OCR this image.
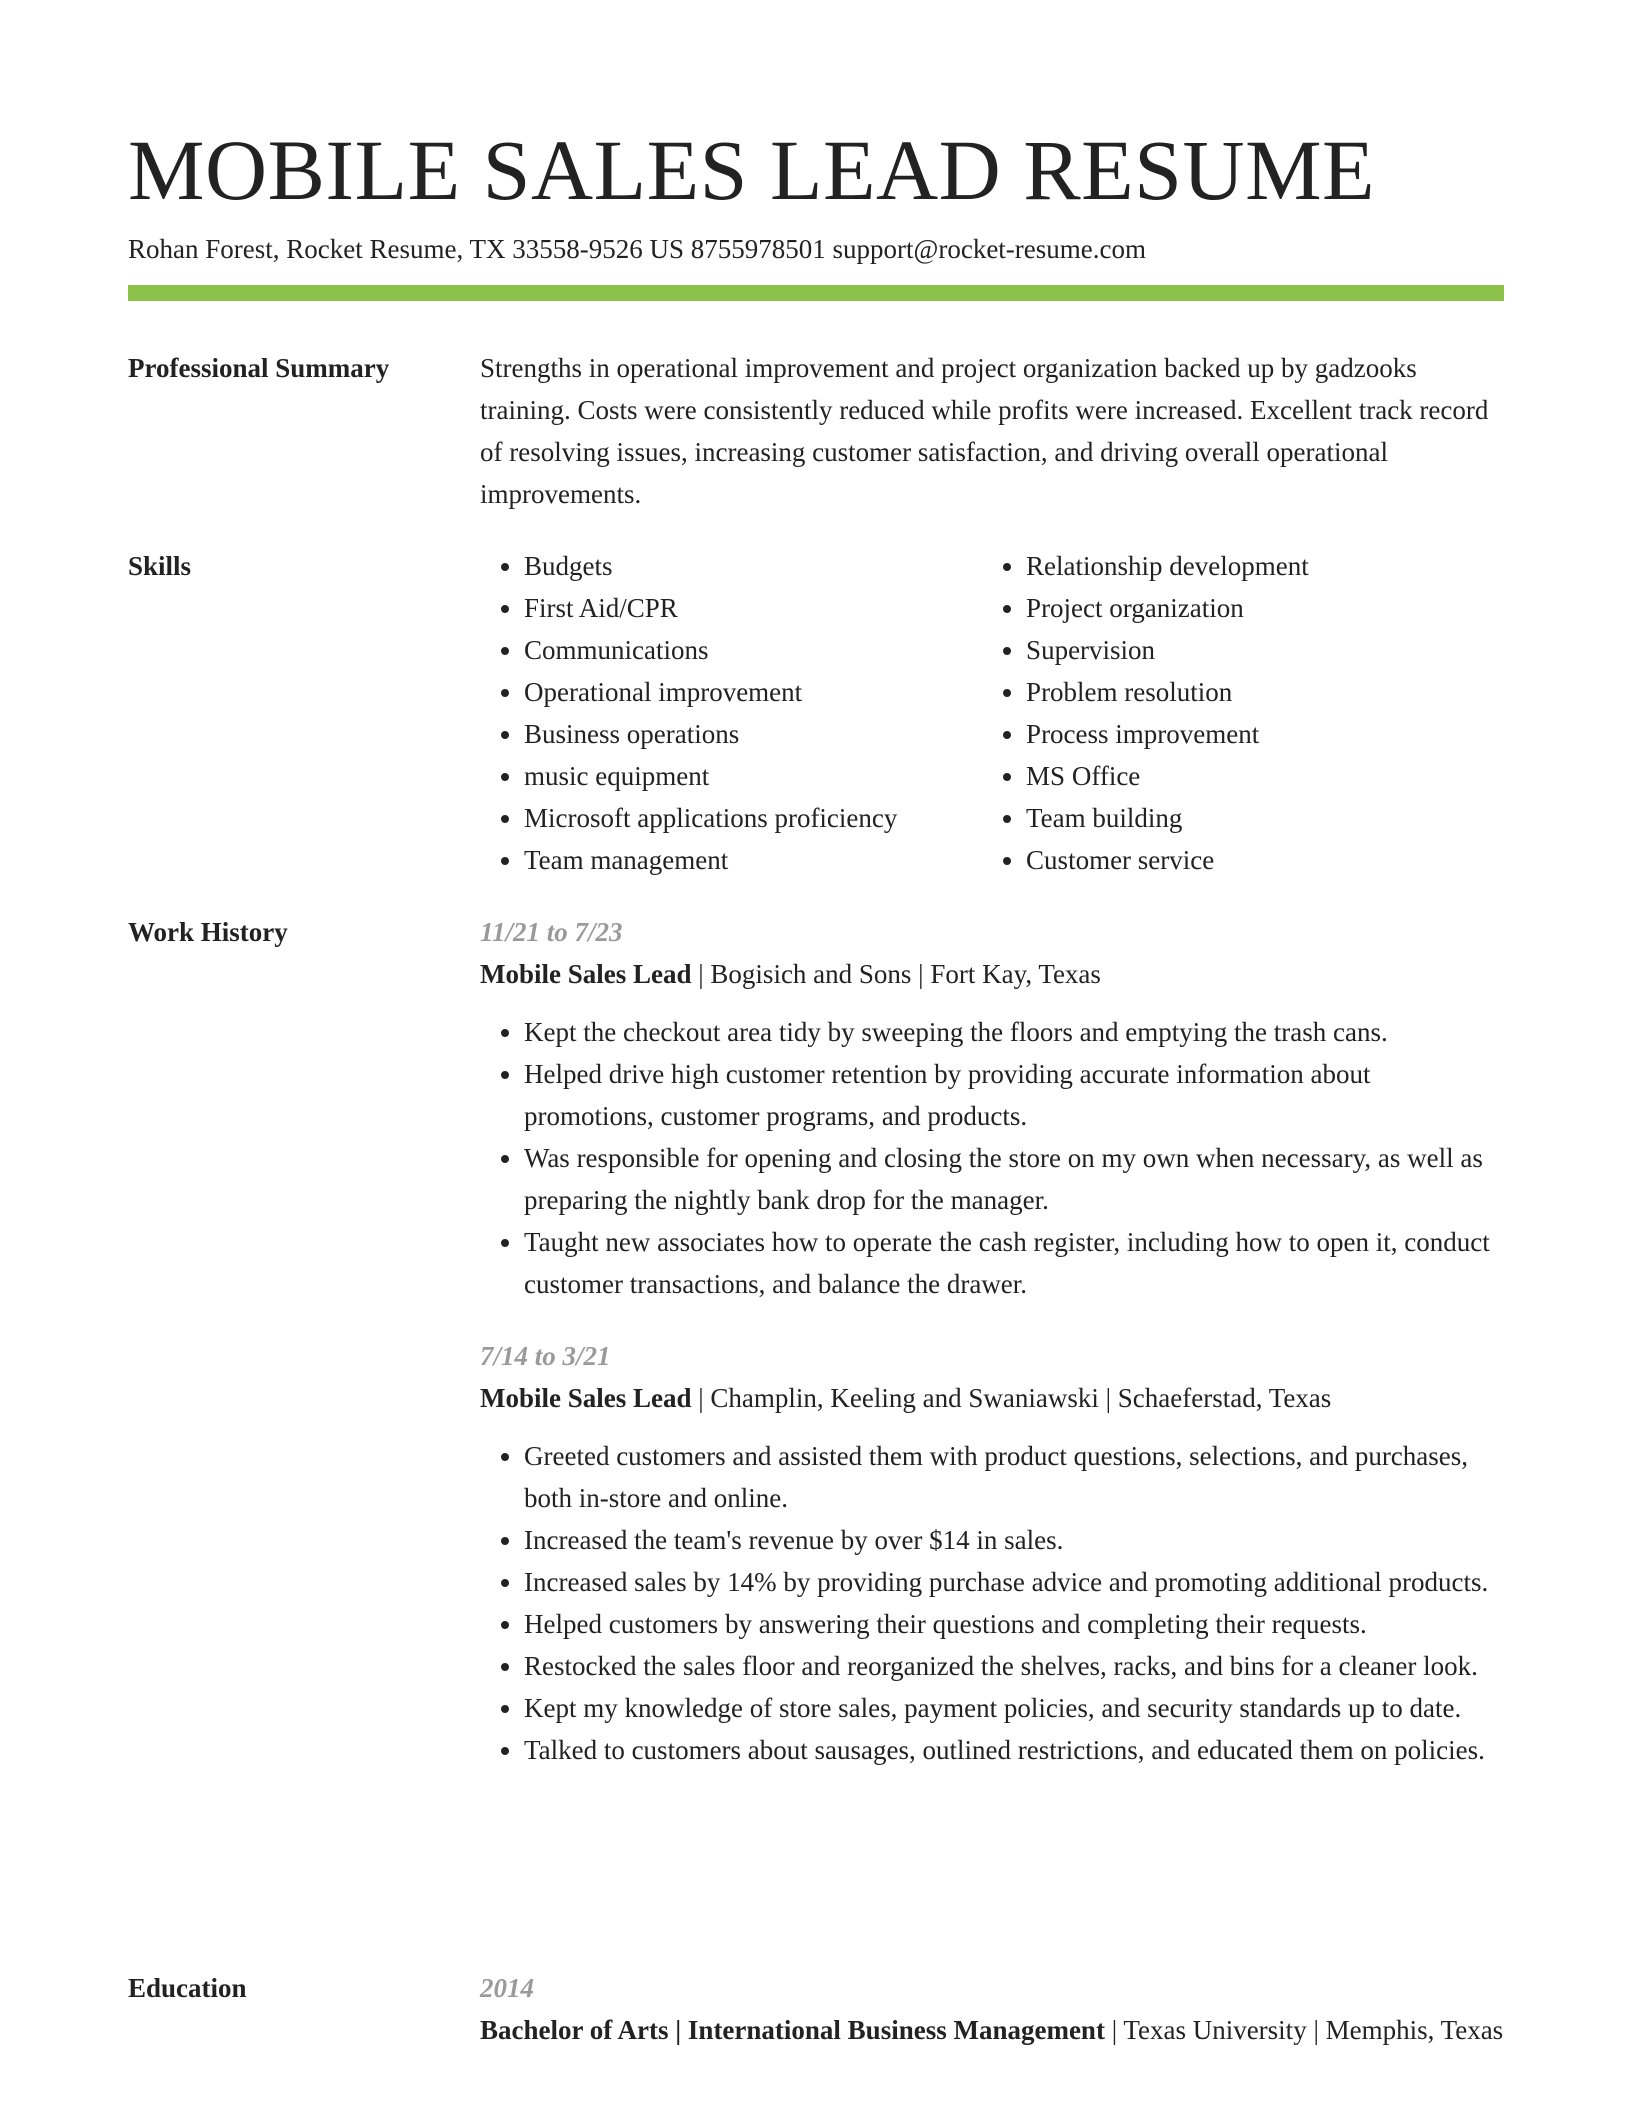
MOBILE SALES LEAD RESUME
Rohan Forest, Rocket Resume, TX 33558-9526 US 8755978501 support@rocket-resume.com
Professional Summary	Strengths in operational improvement and project organization backed up by gadzooks training. Costs were consistently reduced while profits were increased. Excellent track record of resolving issues, increasing customer satisfaction, and driving overall operational improvements.

Skills
•	Budgets
• First Aid/CPR
• Communications
• Operational improvement
• Business operations
• music equipment
• Microsoft applications proficiency
• Team management
• Relationship development
• Project organization
• Supervision
• Problem resolution
• Process improvement
• MS Office
• Team building
• Customer service
Work History	11/21 to 7/23
Mobile Sales Lead | Bogisich and Sons | Fort Kay, Texas
• Kept the checkout area tidy by sweeping the floors and emptying the trash cans.
• Helped drive high customer retention by providing accurate information about promotions, customer programs, and products.
• Was responsible for opening and closing the store on my own when necessary, as well as preparing the nightly bank drop for the manager.
• Taught new associates how to operate the cash register, including how to open it, conduct customer transactions, and balance the drawer.
7/14 to 3/21
Mobile Sales Lead | Champlin, Keeling and Swaniawski | Schaeferstad, Texas
• Greeted customers and assisted them with product questions, selections, and purchases, both in-store and online.
• Increased the team's revenue by over $14 in sales.
• Increased sales by 14% by providing purchase advice and promoting additional products.
• Helped customers by answering their questions and completing their requests.
• Restocked the sales floor and reorganized the shelves, racks, and bins for a cleaner look.
• Kept my knowledge of store sales, payment policies, and security standards up to date.
• Talked to customers about sausages, outlined restrictions, and educated them on policies.
Education	2014
Bachelor of Arts | International Business Management | Texas University | Memphis, Texas
